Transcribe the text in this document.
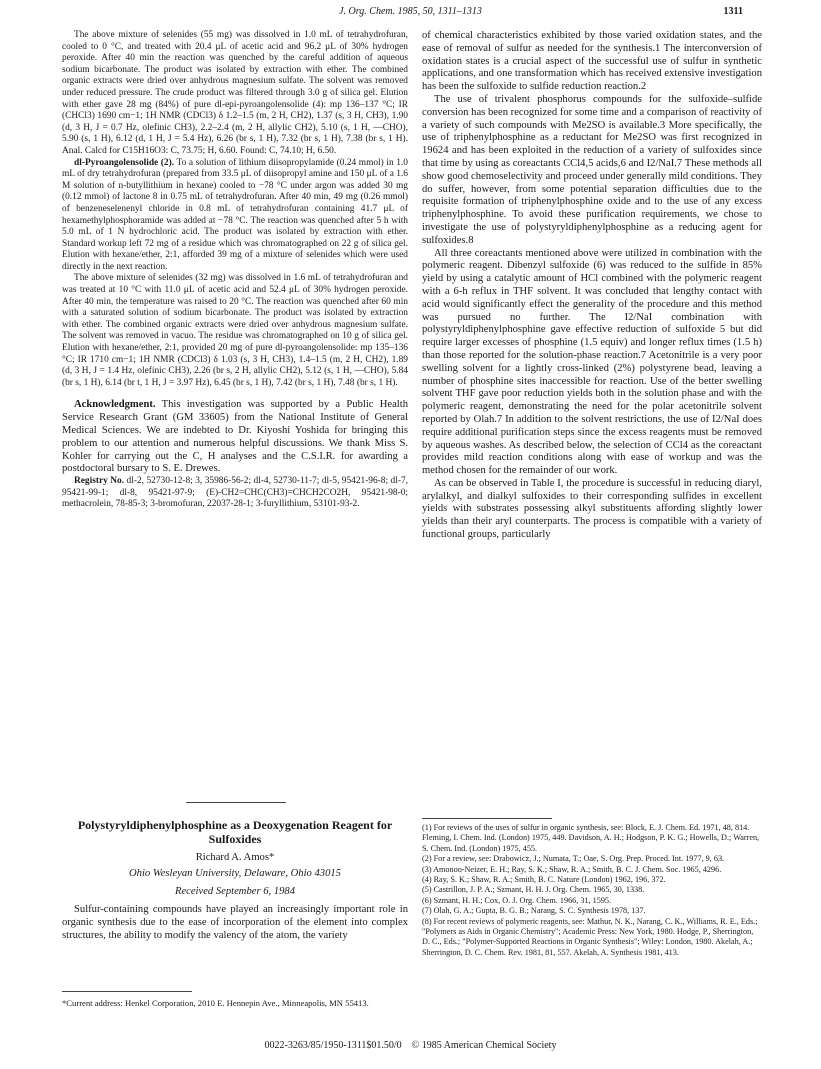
J. Org. Chem. 1985, 50, 1311–1313	1311

The above mixture of selenides (55 mg) was dissolved in 1.0 mL of tetrahydrofuran, cooled to 0 °C, and treated with 20.4 μL of acetic acid and 96.2 μL of 30% hydrogen peroxide. After 40 min the reaction was quenched by the careful addition of aqueous sodium bicarbonate. The product was isolated by extraction with ether. The combined organic extracts were dried over anhydrous magnesium sulfate. The solvent was removed under reduced pressure. The crude product was filtered through 3.0 g of silica gel. Elution with ether gave 28 mg (84%) of pure dl-epi-pyroangolensolide (4): mp 136–137 °C; IR (CHCl3) 1690 cm−1; 1H NMR (CDCl3) δ 1.2–1.5 (m, 2 H, CH2), 1.37 (s, 3 H, CH3), 1.90 (d, 3 H, J = 0.7 Hz, olefinic CH3), 2.2–2.4 (m, 2 H, allylic CH2), 5.10 (s, 1 H, —CHO), 5.90 (s, 1 H), 6.12 (d, 1 H, J = 5.4 Hz), 6.26 (br s, 1 H), 7.32 (br s, 1 H), 7.38 (br s, 1 H). Anal. Calcd for C15H16O3: C, 73.75; H, 6.60. Found: C, 74.10; H, 6.50.

dl-Pyroangolensolide (2). To a solution of lithium diisopropylamide (0.24 mmol) in 1.0 mL of dry tetrahydrofuran (prepared from 33.5 μL of diisopropyl amine and 150 μL of a 1.6 M solution of n-butyllithium in hexane) cooled to −78 °C under argon was added 30 mg (0.12 mmol) of lactone 8 in 0.75 mL of tetrahydrofuran. After 40 min, 49 mg (0.26 mmol) of benzeneselenenyl chloride in 0.8 mL of tetrahydrofuran containing 41.7 μL of hexamethylphosphoramide was added at −78 °C. The reaction was quenched after 5 h with 5.0 mL of 1 N hydrochloric acid. The product was isolated by extraction with ether. Standard workup left 72 mg of a residue which was chromatographed on 22 g of silica gel. Elution with hexane/ether, 2:1, afforded 39 mg of a mixture of selenides which were used directly in the next reaction.

The above mixture of selenides (32 mg) was dissolved in 1.6 mL of tetrahydrofuran and was treated at 10 °C with 11.0 μL of acetic acid and 52.4 μL of 30% hydrogen peroxide. After 40 min, the temperature was raised to 20 °C. The reaction was quenched after 60 min with a saturated solution of sodium bicarbonate. The product was isolated by extraction with ether. The combined organic extracts were dried over anhydrous magnesium sulfate. The solvent was removed in vacuo. The residue was chromatographed on 10 g of silica gel. Elution with hexane/ether, 2:1, provided 20 mg of pure dl-pyroangolensolide: mp 135–136 °C; IR 1710 cm−1; 1H NMR (CDCl3) δ 1.03 (s, 3 H, CH3), 1.4–1.5 (m, 2 H, CH2), 1.89 (d, 3 H, J = 1.4 Hz, olefinic CH3), 2.26 (br s, 2 H, allylic CH2), 5.12 (s, 1 H, —CHO), 5.84 (br s, 1 H), 6.14 (br t, 1 H, J = 3.97 Hz), 6.45 (br s, 1 H), 7.42 (br s, 1 H), 7.48 (br s, 1 H).

Acknowledgment. This investigation was supported by a Public Health Service Research Grant (GM 33605) from the National Institute of General Medical Sciences. We are indebted to Dr. Kiyoshi Yoshida for bringing this problem to our attention and numerous helpful discussions. We thank Miss S. Kohler for carrying out the C, H analyses and the C.S.I.R. for awarding a postdoctoral bursary to S. E. Drewes.

Registry No. dl-2, 52730-12-8; 3, 35986-56-2; dl-4, 52730-11-7; dl-5, 95421-96-8; dl-7, 95421-99-1; dl-8, 95421-97-9; (E)-CH2=CHC(CH3)=CHCH2CO2H, 95421-98-0; methacrolein, 78-85-3; 3-bromofuran, 22037-28-1; 3-furyllithium, 53101-93-2.

Polystyryldiphenylphosphine as a Deoxygenation Reagent for Sulfoxides
Richard A. Amos*
Ohio Wesleyan University, Delaware, Ohio 43015
Received September 6, 1984
Sulfur-containing compounds have played an increasingly important role in organic synthesis due to the ease of incorporation of the element into complex structures, the ability to modify the valency of the atom, the variety
*Current address: Henkel Corporation, 2010 E. Hennepin Ave., Minneapolis, MN 55413.

of chemical characteristics exhibited by those varied oxidation states, and the ease of removal of sulfur as needed for the synthesis.1 The interconversion of oxidation states is a crucial aspect of the successful use of sulfur in synthetic applications, and one transformation which has received extensive investigation has been the sulfoxide to sulfide reduction reaction.2

The use of trivalent phosphorus compounds for the sulfoxide–sulfide conversion has been recognized for some time and a comparison of reactivity of a variety of such compounds with Me2SO is available.3 More specifically, the use of triphenylphosphine as a reductant for Me2SO was first recognized in 19624 and has been exploited in the reduction of a variety of sulfoxides since that time by using as coreactants CCl4,5 acids,6 and I2/NaI.7 These methods all show good chemoselectivity and proceed under generally mild conditions. They do suffer, however, from some potential separation difficulties due to the requisite formation of triphenylphosphine oxide and to the use of any excess triphenylphosphine. To avoid these purification requirements, we chose to investigate the use of polystyryldiphenylphosphine as a reducing agent for sulfoxides.8

All three coreactants mentioned above were utilized in combination with the polymeric reagent. Dibenzyl sulfoxide (6) was reduced to the sulfide in 85% yield by using a catalytic amount of HCl combined with the polymeric reagent with a 6-h reflux in THF solvent. It was concluded that lengthy contact with acid would significantly effect the generality of the procedure and this method was pursued no further. The I2/NaI combination with polystyryldiphenylphosphine gave effective reduction of sulfoxide 5 but did require larger excesses of phosphine (1.5 equiv) and longer reflux times (1.5 h) than those reported for the solution-phase reaction.7 Acetonitrile is a very poor swelling solvent for a lightly cross-linked (2%) polystyrene bead, leaving a number of phosphine sites inaccessible for reaction. Use of the better swelling solvent THF gave poor reduction yields both in the solution phase and with the polymeric reagent, demonstrating the need for the polar acetonitrile solvent reported by Olah.7 In addition to the solvent restrictions, the use of I2/NaI does require additional purification steps since the excess reagents must be removed by aqueous washes. As described below, the selection of CCl4 as the coreactant provides mild reaction conditions along with ease of workup and was the method chosen for the remainder of our work.

As can be observed in Table I, the procedure is successful in reducing diaryl, arylalkyl, and dialkyl sulfoxides to their corresponding sulfides in excellent yields with substrates possessing alkyl substituents affording slightly lower yields than their aryl counterparts. The process is compatible with a variety of functional groups, particularly

(1) For reviews of the uses of sulfur in organic synthesis, see: Block, E. J. Chem. Ed. 1971, 48, 814. Fleming, I. Chem. Ind. (London) 1975, 449. Davidson, A. H.; Hodgson, P. K. G.; Howells, D.; Warren, S. Chem. Ind. (London) 1975, 455.
(2) For a review, see: Drabowicz, J.; Numata, T.; Oae, S. Org. Prep. Proced. Int. 1977, 9, 63.
(3) Amonoo-Neizer, E. H.; Ray, S. K.; Shaw, R. A.; Smith, B. C. J. Chem. Soc. 1965, 4296.
(4) Ray, S. K.; Shaw, R. A.; Smith, B. C. Nature (London) 1962, 196, 372.
(5) Castrillon, J. P. A.; Szmant, H. H. J. Org. Chem. 1965, 30, 1338.
(6) Szmant, H. H.; Cox, O. J. Org. Chem. 1966, 31, 1595.
(7) Olah, G. A.; Gupta, B. G. B.; Narang, S. C. Synthesis 1978, 137.
(8) For recent reviews of polymeric reagents, see: Mathur, N. K., Narang, C. K., Williams, R. E., Eds.; "Polymers as Aids in Organic Chemistry"; Academic Press: New York, 1980. Hodge, P., Sherrington, D. C., Eds.; "Polymer-Supported Reactions in Organic Synthesis"; Wiley: London, 1980. Akelah, A.; Sherrington, D. C. Chem. Rev. 1981, 81, 557. Akelah, A. Synthesis 1981, 413.
0022-3263/85/1950-1311$01.50/0 © 1985 American Chemical Society
